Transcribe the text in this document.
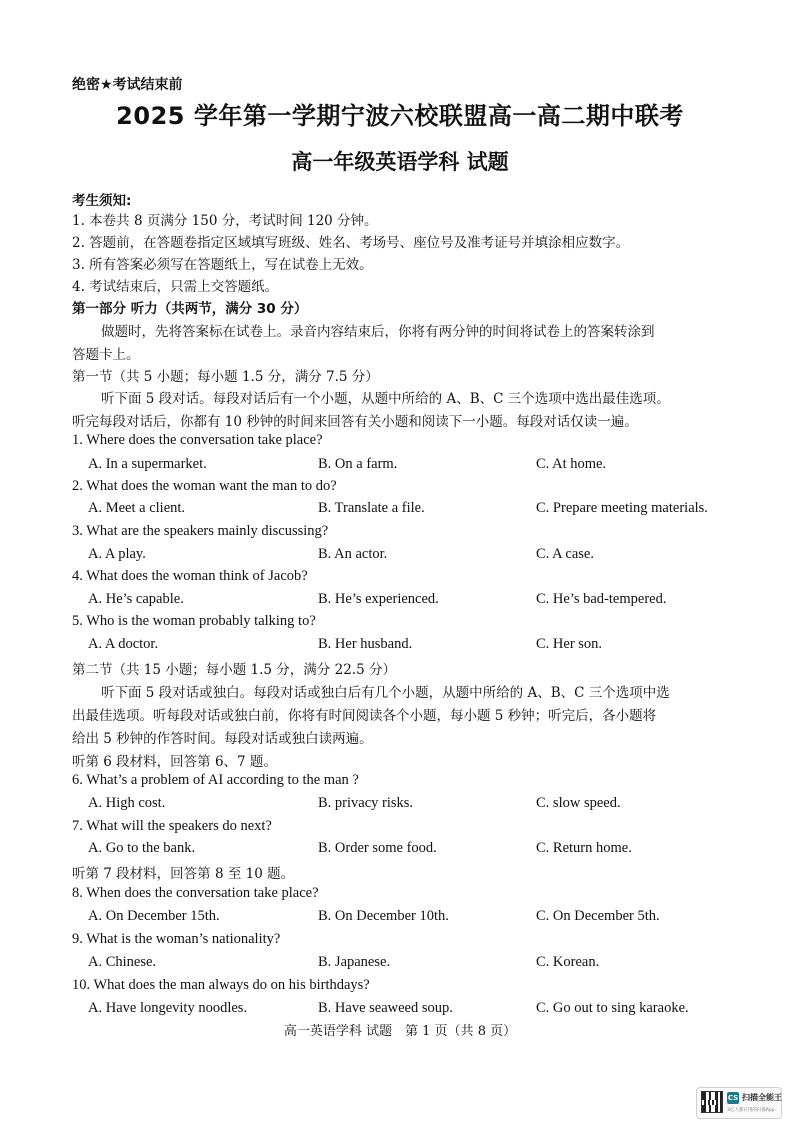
绝密★考试结束前
2025 学年第一学期宁波六校联盟高一高二期中联考
高一年级英语学科 试题
考生须知:
1. 本卷共 8 页满分 150 分，考试时间 120 分钟。
2. 答题前，在答题卷指定区域填写班级、姓名、考场号、座位号及准考证号并填涂相应数字。
3. 所有答案必须写在答题纸上，写在试卷上无效。
4. 考试结束后，只需上交答题纸。
第一部分 听力（共两节，满分 30 分）
做题时，先将答案标在试卷上。录音内容结束后，你将有两分钟的时间将试卷上的答案转涂到
答题卡上。
第一节（共 5 小题；每小题 1.5 分，满分 7.5 分）
听下面 5 段对话。每段对话后有一个小题，从题中所给的 A、B、C 三个选项中选出最佳选项。
听完每段对话后，你都有 10 秒钟的时间来回答有关小题和阅读下一小题。每段对话仅读一遍。
1. Where does the conversation take place?
A. In a supermarket.	B. On a farm.	C. At home.
2. What does the woman want the man to do?
A. Meet a client.	B. Translate a file.	C. Prepare meeting materials.
3. What are the speakers mainly discussing?
A. A play.	B. An actor.	C. A case.
4. What does the woman think of Jacob?
A. He’s capable.	B. He’s experienced.	C. He’s bad-tempered.
5. Who is the woman probably talking to?
A. A doctor.	B. Her husband.	C. Her son.
第二节（共 15 小题；每小题 1.5 分，满分 22.5 分）
听下面 5 段对话或独白。每段对话或独白后有几个小题，从题中所给的 A、B、C 三个选项中选
出最佳选项。听每段对话或独白前，你将有时间阅读各个小题，每小题 5 秒钟；听完后，各小题将
给出 5 秒钟的作答时间。每段对话或独白读两遍。
听第 6 段材料，回答第 6、7 题。
6. What’s a problem of AI according to the man ?
A. High cost.	B. privacy risks.	C. slow speed.
7. What will the speakers do next?
A. Go to the bank.	B. Order some food.	C. Return home.
听第 7 段材料，回答第 8 至 10 题。
8. When does the conversation take place?
A. On December 15th.	B. On December 10th.	C. On December 5th.
9. What is the woman’s nationality?
A. Chinese.	B. Japanese.	C. Korean.
10. What does the man always do on his birthdays?
A. Have longevity noodles.	B. Have seaweed soup.	C. Go out to sing karaoke.
高一英语学科 试题　第 1 页（共 8 页）
CS 扫描全能王
3亿人都在用的扫描App
